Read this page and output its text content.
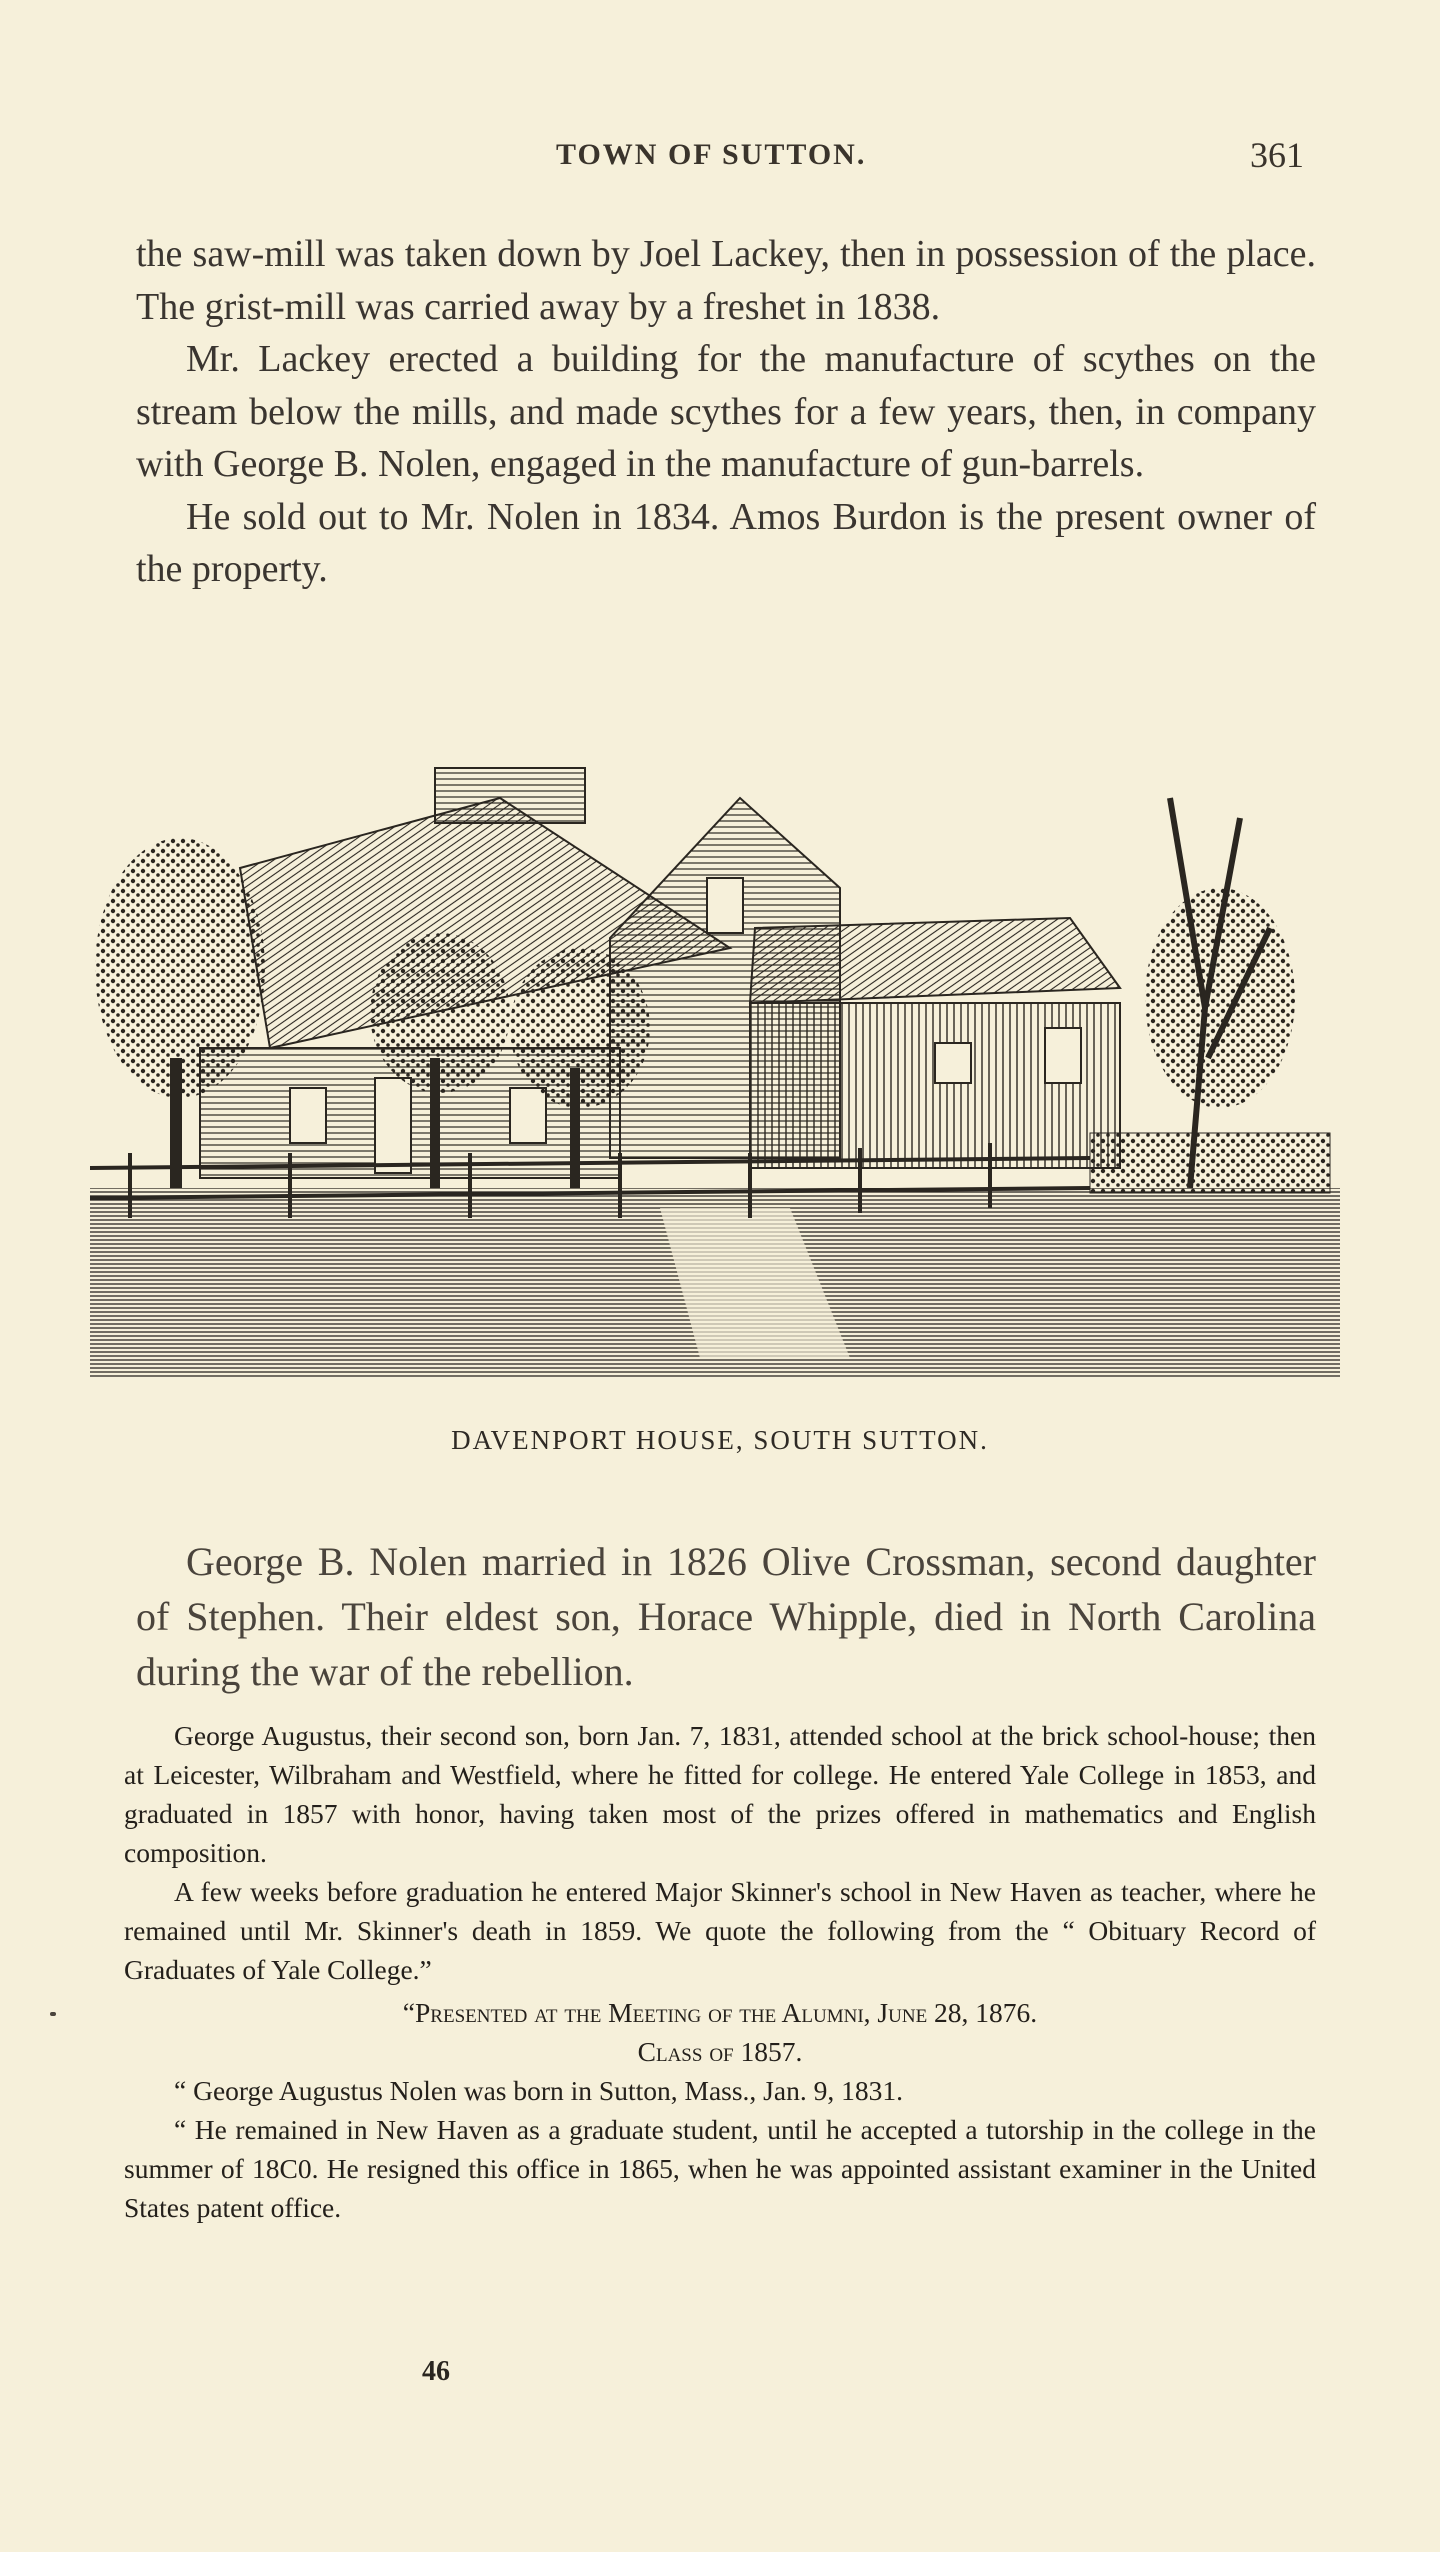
TOWN OF SUTTON.	361

the saw-mill was taken down by Joel Lackey, then in possession of the place. The grist-mill was carried away by a freshet in 1838.

Mr. Lackey erected a building for the manufacture of scythes on the stream below the mills, and made scythes for a few years, then, in company with George B. Nolen, engaged in the manufacture of gun-barrels.

He sold out to Mr. Nolen in 1834. Amos Burdon is the present owner of the property.

DAVENPORT HOUSE, SOUTH SUTTON.

George B. Nolen married in 1826 Olive Crossman, second daughter of Stephen. Their eldest son, Horace Whipple, died in North Carolina during the war of the rebellion.

George Augustus, their second son, born Jan. 7, 1831, attended school at the brick school-house; then at Leicester, Wilbraham and Westfield, where he fitted for college. He entered Yale College in 1853, and graduated in 1857 with honor, having taken most of the prizes offered in mathematics and English composition.

A few weeks before graduation he entered Major Skinner's school in New Haven as teacher, where he remained until Mr. Skinner's death in 1859. We quote the following from the “ Obituary Record of Graduates of Yale College.”

“Presented at the Meeting of the Alumni, June 28, 1876.

Class of 1857.

“ George Augustus Nolen was born in Sutton, Mass., Jan. 9, 1831.

“ He remained in New Haven as a graduate student, until he accepted a tutorship in the college in the summer of 18C0. He resigned this office in 1865, when he was appointed assistant examiner in the United States patent office.

46
